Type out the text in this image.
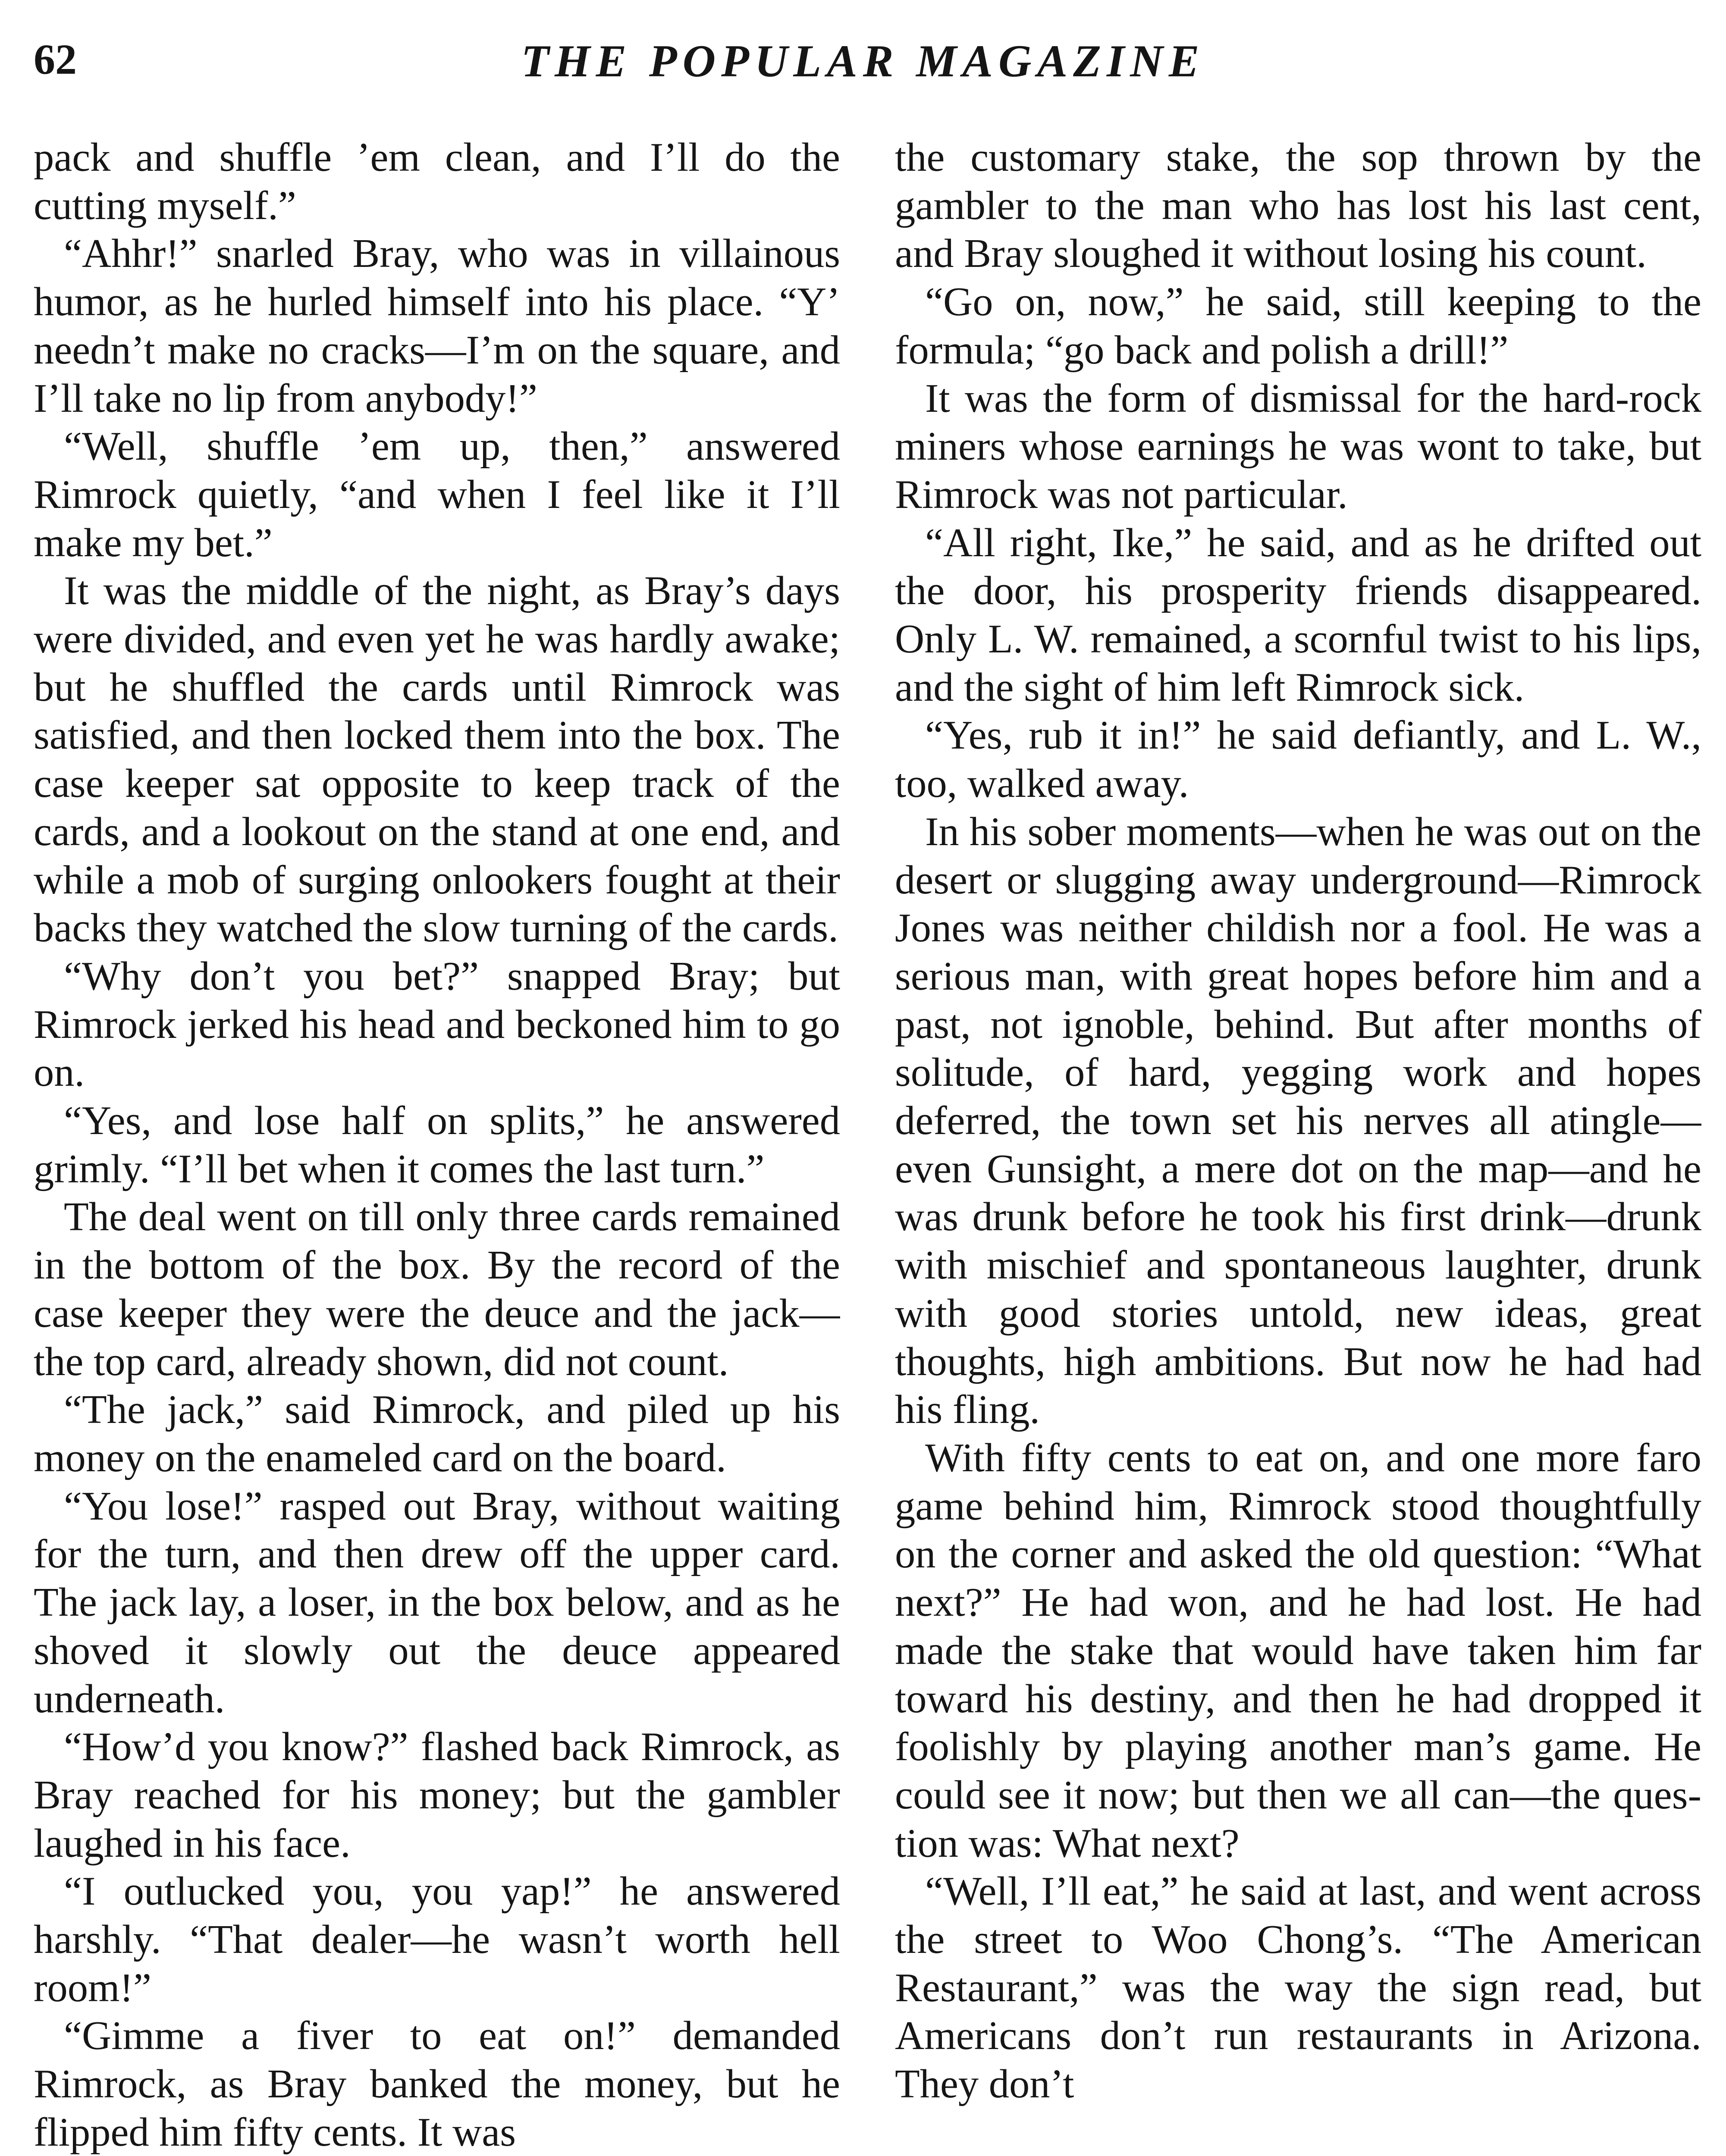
62	THE POPULAR MAGAZINE

pack and shuffle ’em clean, and I’ll do the cutting myself.”

“Ahhr!” snarled Bray, who was in villainous humor, as he hurled himself into his place. “Y’ needn’t make no cracks—I’m on the square, and I’ll take no lip from anybody!”

“Well, shuffle ’em up, then,” answered Rimrock quietly, “and when I feel like it I’ll make my bet.”

It was the middle of the night, as Bray’s days were divided, and even yet he was hardly awake; but he shuffled the cards until Rimrock was satisfied, and then locked them into the box. The case keeper sat opposite to keep track of the cards, and a lookout on the stand at one end, and while a mob of surging onlookers fought at their backs they watched the slow turning of the cards.

“Why don’t you bet?” snapped Bray; but Rimrock jerked his head and beckoned him to go on.

“Yes, and lose half on splits,” he answered grimly. “I’ll bet when it comes the last turn.”

The deal went on till only three cards remained in the bottom of the box. By the record of the case keeper they were the deuce and the jack—the top card, already shown, did not count.

“The jack,” said Rimrock, and piled up his money on the enameled card on the board.

“You lose!” rasped out Bray, without waiting for the turn, and then drew off the upper card. The jack lay, a loser, in the box below, and as he shoved it slowly out the deuce appeared underneath.

“How’d you know?” flashed back Rimrock, as Bray reached for his money; but the gambler laughed in his face.

“I outlucked you, you yap!” he answered harshly. “That dealer—he wasn’t worth hell room!”

“Gimme a fiver to eat on!” demanded Rimrock, as Bray banked the money, but he flipped him fifty cents. It was

the customary stake, the sop thrown by the gambler to the man who has lost his last cent, and Bray sloughed it without losing his count.

“Go on, now,” he said, still keeping to the formula; “go back and polish a drill!”

It was the form of dismissal for the hard-rock miners whose earnings he was wont to take, but Rimrock was not particular.

“All right, Ike,” he said, and as he drifted out the door, his prosperity friends disappeared. Only L. W. remained, a scornful twist to his lips, and the sight of him left Rimrock sick.

“Yes, rub it in!” he said defiantly, and L. W., too, walked away.

In his sober moments—when he was out on the desert or slugging away underground—Rimrock Jones was neither childish nor a fool. He was a serious man, with great hopes before him and a past, not ignoble, behind. But after months of solitude, of hard, yegging work and hopes deferred, the town set his nerves all atingle—even Gunsight, a mere dot on the map—and he was drunk before he took his first drink—drunk with mischief and spontaneous laughter, drunk with good stories untold, new ideas, great thoughts, high ambitions. But now he had had his fling.

With fifty cents to eat on, and one more faro game behind him, Rimrock stood thoughtfully on the corner and asked the old question: “What next?” He had won, and he had lost. He had made the stake that would have taken him far toward his destiny, and then he had dropped it foolishly by playing another man’s game. He could see it now; but then we all can—the question was: What next?

“Well, I’ll eat,” he said at last, and went across the street to Woo Chong’s. “The American Restaurant,” was the way the sign read, but Americans don’t run restaurants in Arizona. They don’t
